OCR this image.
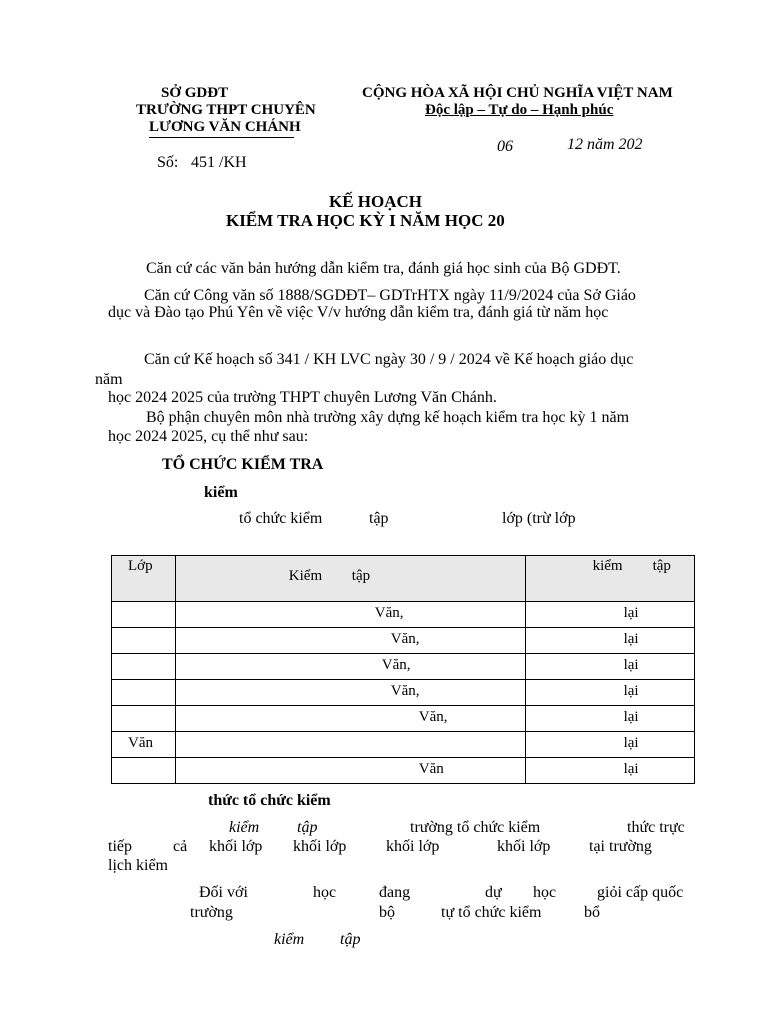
SỞ GDĐT
TRƯỜNG THPT CHUYÊN
LƯƠNG VĂN CHÁNH
Số: 451 /KH
CỘNG HÒA XÃ HỘI CHỦ NGHĨA VIỆT NAM
Độc lập – Tự do – Hạnh phúc
06	12 năm 202
KẾ HOẠCH
KIỂM TRA HỌC KỲ I NĂM HỌC 20
Căn cứ các văn bản hướng dẫn kiểm tra, đánh giá học sinh của Bộ GDĐT.
Căn cứ Công văn số 1888/SGDĐT– GDTrHTX ngày 11/9/2024 của Sở Giáo
dục và Đào tạo Phú Yên về việc V/v hướng dẫn kiểm tra, đánh giá từ năm học
Căn cứ Kế hoạch số 341 / KH LVC ngày 30 / 9 / 2024 về Kế hoạch giáo dục
năm
học 2024 2025 của trường THPT chuyên Lương Văn Chánh.
Bộ phận chuyên môn nhà trường xây dựng kế hoạch kiểm tra học kỳ 1 năm
học 2024 2025, cụ thể như sau:
TỔ CHỨC KIỂM TRA
kiểm
tổ chức kiểm	tập	lớp (trừ lớp
Lớp	Kiểm tập	kiểm tập

	Văn,	lại

	Văn,	lại

	Văn,	lại

	Văn,	lại

	Văn,	lại

Văn		lại

	Văn	lại
thức tổ chức kiểm
kiểm tập	trường tổ chức kiểm	thức trực
tiếp	cả khối lớp khối lớp khối lớp	khối lớp tại trường
lịch kiểm
Đối với	học	đang	dự học	giỏi cấp quốc
trường	bộ	tự tổ chức kiểm	bổ
kiểm tập
